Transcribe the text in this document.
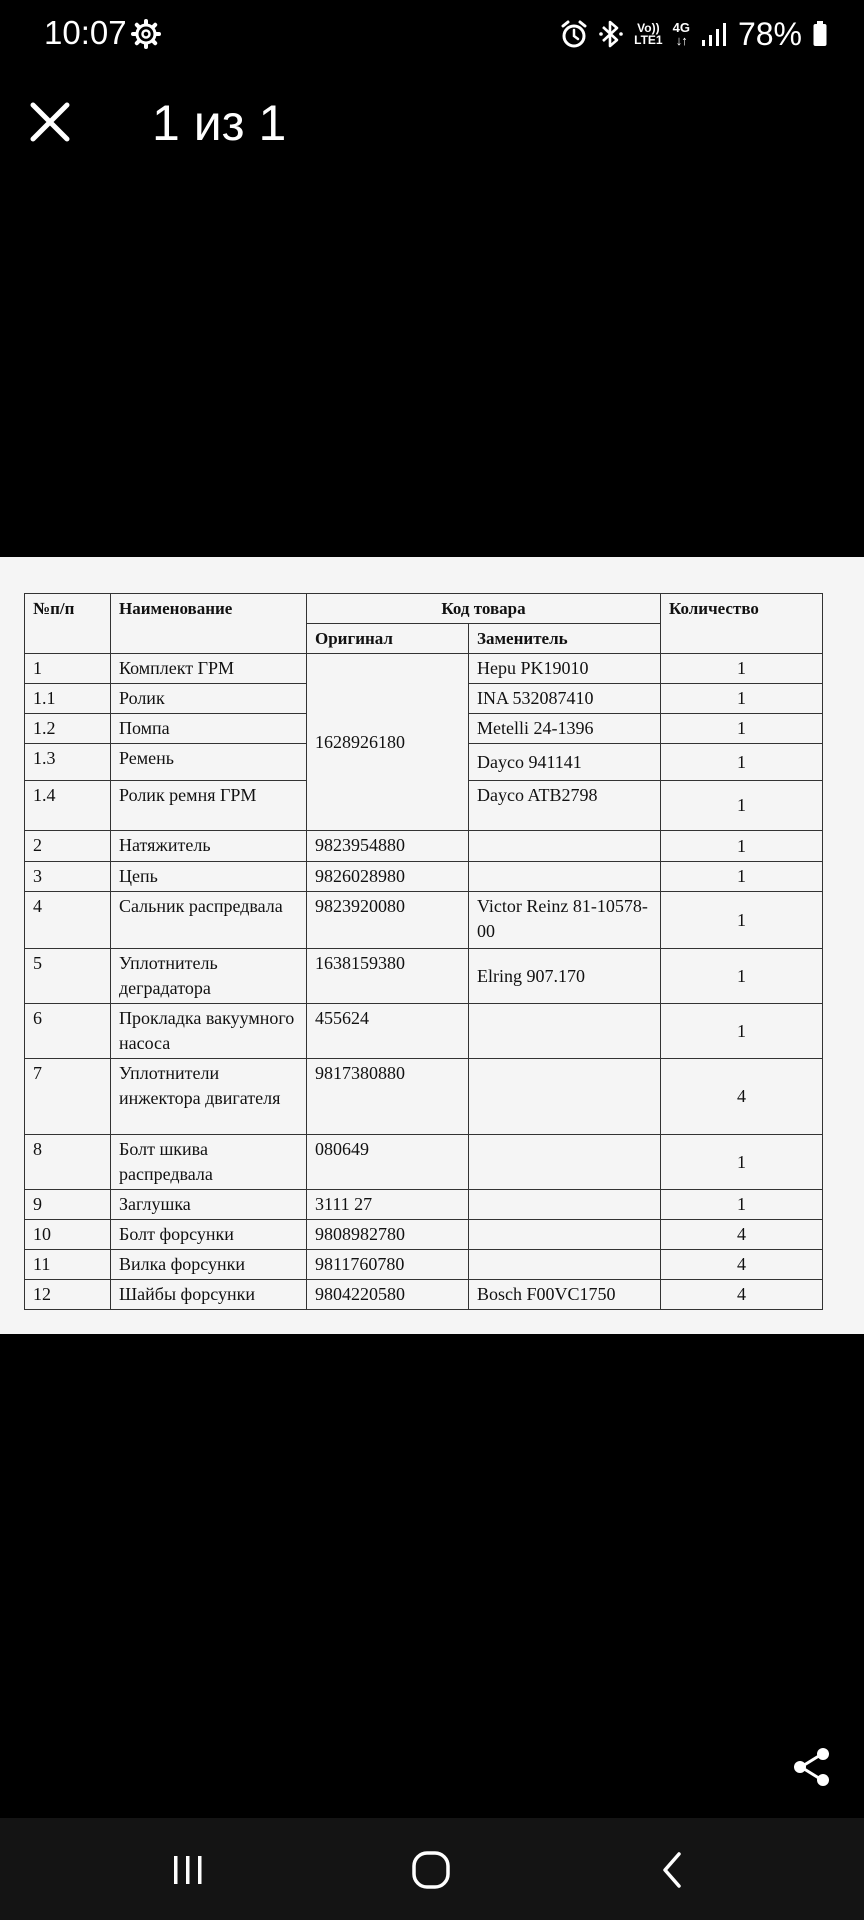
10:07	Vo))
LTE1
4G
↓↑ 78%
1 из 1
№п/п	Наименование	Код товара		Количество
		Оригинал	Заменитель	
1	Комплект ГРМ	1628926180	Hepu PK19010	1
1.1	Ролик		INA 532087410	1
1.2	Помпа		Metelli 24-1396	1
1.3	Ремень		Dayco 941141	1
1.4	Ролик ремня ГРМ		Dayco ATB2798	1
2	Натяжитель	9823954880		1
3	Цепь	9826028980		1
4	Сальник распредвала	9823920080	Victor Reinz 81-10578-00	1
5	Уплотнитель деградатора	1638159380	Elring 907.170	1
6	Прокладка вакуумного насоса	455624		1
7	Уплотнители инжектора двигателя	9817380880		4
8	Болт шкива распредвала	080649		1
9	Заглушка	3111 27		1
10	Болт форсунки	9808982780		4
11	Вилка форсунки	9811760780		4
12	Шайбы форсунки	9804220580	Bosch F00VC1750	4
